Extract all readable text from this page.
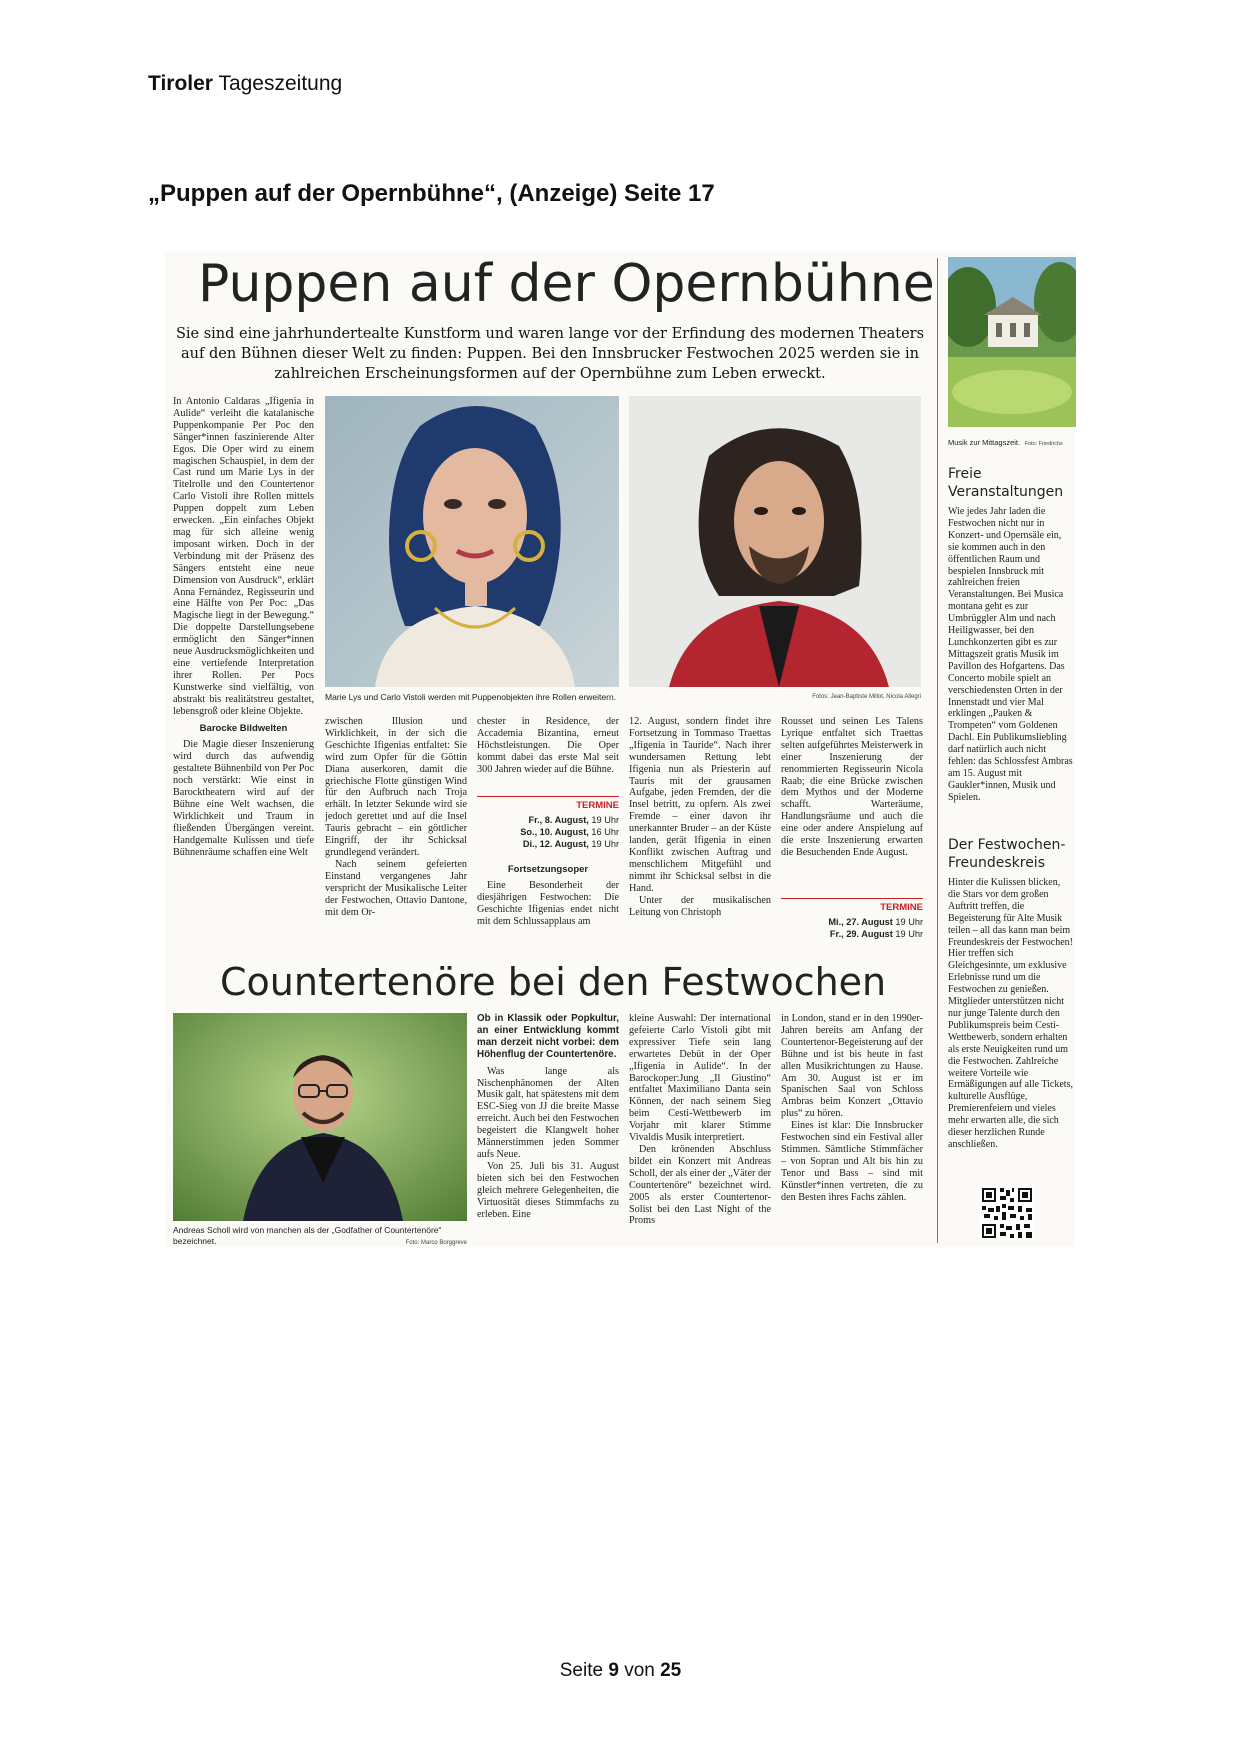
Tiroler Tageszeitung
„Puppen auf der Opernbühne“, (Anzeige) Seite 17
Puppen auf der Opernbühne
Sie sind eine jahrhundertealte Kunstform und waren lange vor der Erfindung des modernen Theaters
auf den Bühnen dieser Welt zu finden: Puppen. Bei den Innsbrucker Festwochen 2025 werden sie in
zahlreichen Erscheinungsformen auf der Opernbühne zum Leben erweckt.

In Antonio Caldaras „Ifigenia in Aulide“ verleiht die katalanische Puppenkompanie Per Poc den Sänger*innen faszinierende Alter Egos. Die Oper wird zu einem magischen Schauspiel, in dem der Cast rund um Marie Lys in der Titelrolle und den Countertenor Carlo Vistoli ihre Rollen mittels Puppen doppelt zum Leben erwecken. „Ein einfaches Objekt mag für sich alleine wenig imposant wirken. Doch in der Verbindung mit der Präsenz des Sängers entsteht eine neue Dimension von Ausdruck“, erklärt Anna Fernández, Regisseurin und eine Hälfte von Per Poc: „Das Magische liegt in der Bewegung.“ Die doppelte Darstellungsebene ermöglicht den Sänger*innen neue Ausdrucksmöglichkeiten und eine vertiefende Interpretation ihrer Rollen. Per Pocs Kunstwerke sind vielfältig, von abstrakt bis realitätstreu gestaltet, lebensgroß oder kleine Objekte.

Barocke Bildwelten

Die Magie dieser Inszenierung wird durch das aufwendig gestaltete Bühnenbild von Per Poc noch verstärkt: Wie einst in Barocktheatern wird auf der Bühne eine Welt wachsen, die Wirklichkeit und Traum in fließenden Übergängen vereint. Handgemalte Kulissen und tiefe Bühnenräume schaffen eine Welt

Marie Lys und Carlo Vistoli werden mit Puppenobjekten ihre Rollen erweitern.	Fotos: Jean-Baptiste Millot, Nicola Allegri

zwischen Illusion und Wirklichkeit, in der sich die Geschichte Ifigenias entfaltet: Sie wird zum Opfer für die Göttin Diana auserkoren, damit die griechische Flotte günstigen Wind für den Aufbruch nach Troja erhält. In letzter Sekunde wird sie jedoch gerettet und auf die Insel Tauris gebracht – ein göttlicher Eingriff, der ihr Schicksal grundlegend verändert.

Nach seinem gefeierten Einstand vergangenes Jahr verspricht der Musikalische Leiter der Festwochen, Ottavio Dantone, mit dem Or-

chester in Residence, der Accademia Bizantina, erneut Höchstleistungen. Die Oper kommt dabei das erste Mal seit 300 Jahren wieder auf die Bühne.

TERMINE
Fr., 8. August, 19 Uhr
So., 10. August, 16 Uhr
Di., 12. August, 19 Uhr

Fortsetzungsoper

Eine Besonderheit der diesjährigen Festwochen: Die Geschichte Ifigenias endet nicht mit dem Schlussapplaus am

12. August, sondern findet ihre Fortsetzung in Tommaso Traettas „Ifigenia in Tauride“. Nach ihrer wundersamen Rettung lebt Ifigenia nun als Priesterin auf Tauris mit der grausamen Aufgabe, jeden Fremden, der die Insel betritt, zu opfern. Als zwei Fremde – einer davon ihr unerkannter Bruder – an der Küste landen, gerät Ifigenia in einen Konflikt zwischen Auftrag und menschlichem Mitgefühl und nimmt ihr Schicksal selbst in die Hand.

Unter der musikalischen Leitung von Christoph

Rousset und seinen Les Talens Lyrique entfaltet sich Traettas selten aufgeführtes Meisterwerk in einer Inszenierung der renommierten Regisseurin Nicola Raab; die eine Brücke zwischen dem Mythos und der Moderne schafft. Warteräume, Handlungsräume und auch die eine oder andere Anspielung auf die erste Inszenierung erwarten die Besuchenden Ende August.

TERMINE
Mi., 27. August 19 Uhr
Fr., 29. August 19 Uhr
Countertenöre bei den Festwochen
Andreas Scholl wird von manchen als der „Godfather of Countertenöre“
bezeichnet.	Foto: Marco Borggreve

Ob in Klassik oder Popkultur, an einer Entwicklung kommt man derzeit nicht vorbei: dem Höhenflug der Countertenöre.

Was lange als Nischenphänomen der Alten Musik galt, hat spätestens mit dem ESC-Sieg von JJ die breite Masse erreicht. Auch bei den Festwochen begeistert die Klangwelt hoher Männerstimmen jeden Sommer aufs Neue.

Von 25. Juli bis 31. August bieten sich bei den Festwochen gleich mehrere Gelegenheiten, die Virtuosität dieses Stimmfachs zu erleben. Eine

kleine Auswahl: Der international gefeierte Carlo Vistoli gibt mit expressiver Tiefe sein lang erwartetes Debüt in der Oper „Ifigenia in Aulide“. In der Barockoper:Jung „Il Giustino“ entfaltet Maximiliano Danta sein Können, der nach seinem Sieg beim Cesti-Wettbewerb im Vorjahr mit klarer Stimme Vivaldis Musik interpretiert.

Den krönenden Abschluss bildet ein Konzert mit Andreas Scholl, der als einer der „Väter der Countertenöre“ bezeichnet wird. 2005 als erster Countertenor-Solist bei den Last Night of the Proms

in London, stand er in den 1990er-Jahren bereits am Anfang der Countertenor-Begeisterung auf der Bühne und ist bis heute in fast allen Musikrichtungen zu Hause. Am 30. August ist er im Spanischen Saal von Schloss Ambras beim Konzert „Ottavio plus“ zu hören.

Eines ist klar: Die Innsbrucker Festwochen sind ein Festival aller Stimmen. Sämtliche Stimmfächer – von Sopran und Alt bis hin zu Tenor und Bass – sind mit Künstler*innen vertreten, die zu den Besten ihres Fachs zählen.

Musik zur Mittagszeit. Foto: Friedrichs
Freie
Veranstaltungen
Wie jedes Jahr laden die Festwochen nicht nur in Konzert- und Opernsäle ein, sie kommen auch in den öffentlichen Raum und bespielen Innsbruck mit zahlreichen freien Veranstaltungen. Bei Musica montana geht es zur Umbrüggler Alm und nach Heiligwasser, bei den Lunchkonzerten gibt es zur Mittagszeit gratis Musik im Pavillon des Hofgartens. Das Concerto mobile spielt an verschiedensten Orten in der Innenstadt und vier Mal erklingen „Pauken & Trompeten“ vom Goldenen Dachl. Ein Publikumsliebling darf natürlich auch nicht fehlen: das Schlossfest Ambras am 15. August mit Gaukler*innen, Musik und Spielen.
Der Festwochen-
Freundeskreis
Hinter die Kulissen blicken, die Stars vor dem großen Auftritt treffen, die Begeisterung für Alte Musik teilen – all das kann man beim Freundeskreis der Festwochen! Hier treffen sich Gleichgesinnte, um exklusive Erlebnisse rund um die Festwochen zu genießen. Mitglieder unterstützen nicht nur junge Talente durch den Publikumspreis beim Cesti-Wettbewerb, sondern erhalten als erste Neuigkeiten rund um die Festwochen. Zahlreiche weitere Vorteile wie Ermäßigungen auf alle Tickets, kulturelle Ausflüge, Premierenfeiern und vieles mehr erwarten alle, die sich dieser herzlichen Runde anschließen.
Seite 9 von 25
